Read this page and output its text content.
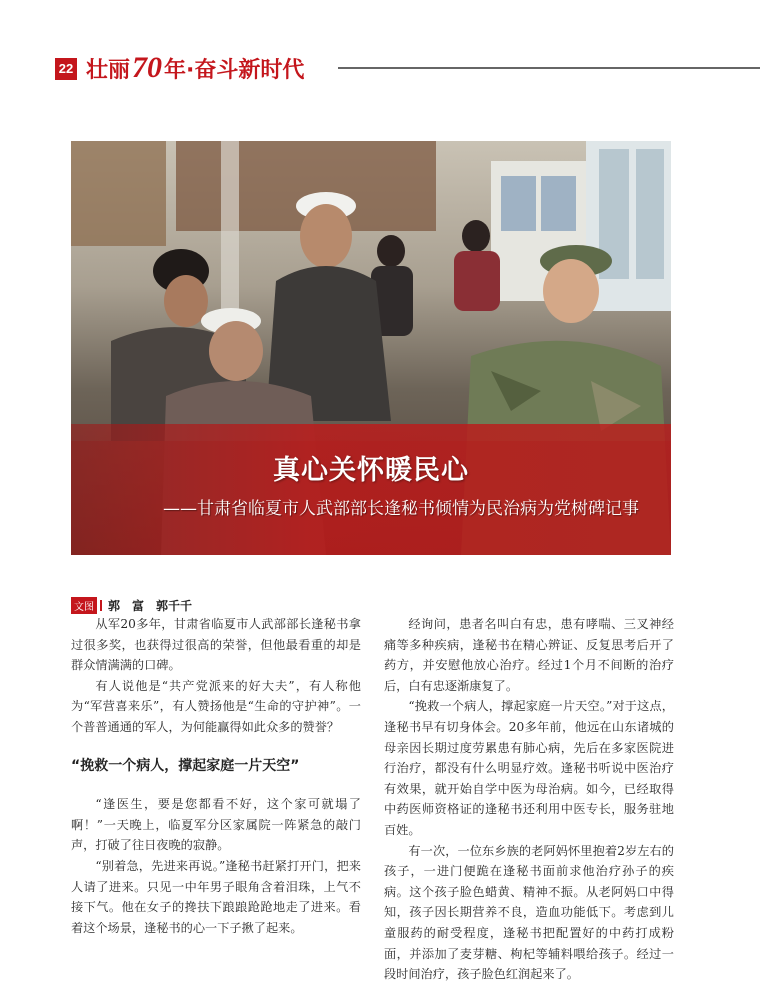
22 壮丽 70 年·奋斗新时代
真心关怀暖民心
——甘肃省临夏市人武部部长逢秘书倾情为民治病为党树碑记事
文图 郭　富　郭千千

从军20多年，甘肃省临夏市人武部部长逢秘书拿过很多奖，也获得过很高的荣誉，但他最看重的却是群众情满满的口碑。

有人说他是“共产党派来的好大夫”，有人称他为“军营喜来乐”，有人赞扬他是“生命的守护神”。一个普普通通的军人，为何能赢得如此众多的赞誉？

“挽救一个病人，撑起家庭一片天空”

“逢医生，要是您都看不好，这个家可就塌了啊！”一天晚上，临夏军分区家属院一阵紧急的敲门声，打破了往日夜晚的寂静。

“别着急，先进来再说。”逢秘书赶紧打开门，把来人请了进来。只见一中年男子眼角含着泪珠，上气不接下气。他在女子的搀扶下踉踉跄跄地走了进来。看着这个场景，逢秘书的心一下子揪了起来。

经询问，患者名叫白有忠，患有哮喘、三叉神经痛等多种疾病，逢秘书在精心辨证、反复思考后开了药方，并安慰他放心治疗。经过1个月不间断的治疗后，白有忠逐渐康复了。

“挽救一个病人，撑起家庭一片天空。”对于这点，逢秘书早有切身体会。20多年前，他远在山东诸城的母亲因长期过度劳累患有肺心病，先后在多家医院进行治疗，都没有什么明显疗效。逢秘书听说中医治疗有效果，就开始自学中医为母治病。如今，已经取得中药医师资格证的逢秘书还利用中医专长，服务驻地百姓。

有一次，一位东乡族的老阿妈怀里抱着2岁左右的孩子，一进门便跪在逢秘书面前求他治疗孙子的疾病。这个孩子脸色蜡黄、精神不振。从老阿妈口中得知，孩子因长期营养不良，造血功能低下。考虑到儿童服药的耐受程度，逢秘书把配置好的中药打成粉面，并添加了麦芽糖、枸杞等辅料喂给孩子。经过一段时间治疗，孩子脸色红润起来了。
